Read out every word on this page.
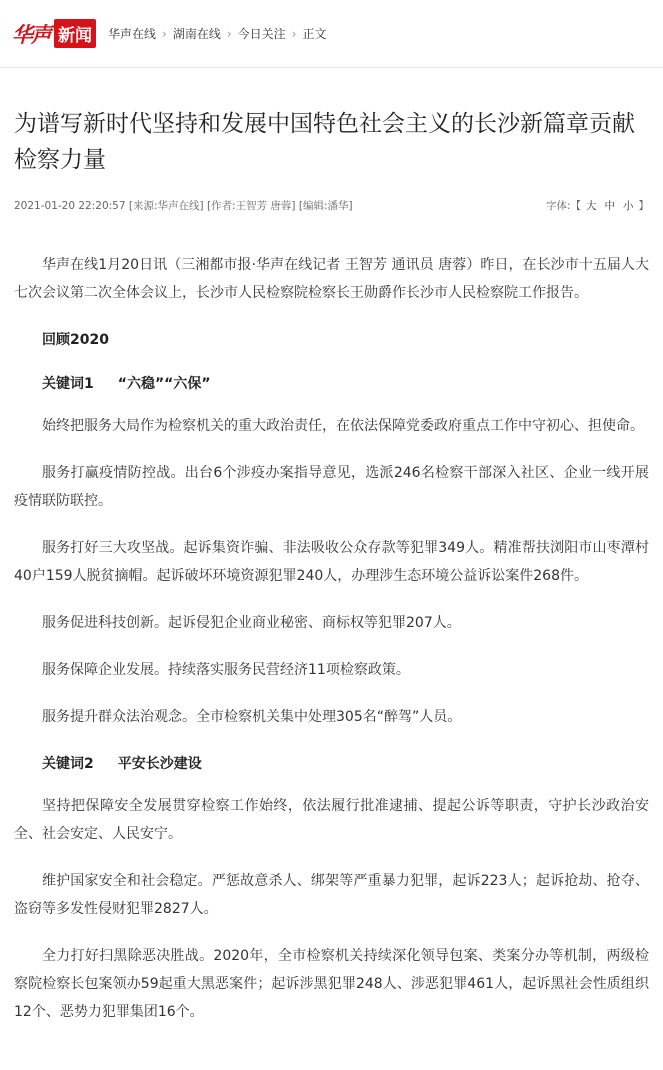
华声 新闻	华声在线 › 湖南在线 › 今日关注 › 正文
为谱写新时代坚持和发展中国特色社会主义的长沙新篇章贡献检察力量
2021-01-20 22:20:57 [来源:华声在线] [作者:王智芳 唐蓉] [编辑:潘华]	字体:【 大 中 小 】

华声在线1月20日讯（三湘都市报·华声在线记者 王智芳 通讯员 唐蓉）昨日，在长沙市十五届人大七次会议第二次全体会议上，长沙市人民检察院检察长王勋爵作长沙市人民检察院工作报告。

回顾2020

关键词1 “六稳”“六保”

始终把服务大局作为检察机关的重大政治责任，在依法保障党委政府重点工作中守初心、担使命。

服务打赢疫情防控战。出台6个涉疫办案指导意见，选派246名检察干部深入社区、企业一线开展疫情联防联控。

服务打好三大攻坚战。起诉集资诈骗、非法吸收公众存款等犯罪349人。精准帮扶浏阳市山枣潭村40户159人脱贫摘帽。起诉破坏环境资源犯罪240人，办理涉生态环境公益诉讼案件268件。

服务促进科技创新。起诉侵犯企业商业秘密、商标权等犯罪207人。

服务保障企业发展。持续落实服务民营经济11项检察政策。

服务提升群众法治观念。全市检察机关集中处理305名“醉驾”人员。

关键词2 平安长沙建设

坚持把保障安全发展贯穿检察工作始终，依法履行批准逮捕、提起公诉等职责，守护长沙政治安全、社会安定、人民安宁。

维护国家安全和社会稳定。严惩故意杀人、绑架等严重暴力犯罪，起诉223人；起诉抢劫、抢夺、盗窃等多发性侵财犯罪2827人。

全力打好扫黑除恶决胜战。2020年，全市检察机关持续深化领导包案、类案分办等机制，两级检察院检察长包案领办59起重大黑恶案件；起诉涉黑犯罪248人、涉恶犯罪461人，起诉黑社会性质组织12个、恶势力犯罪集团16个。
